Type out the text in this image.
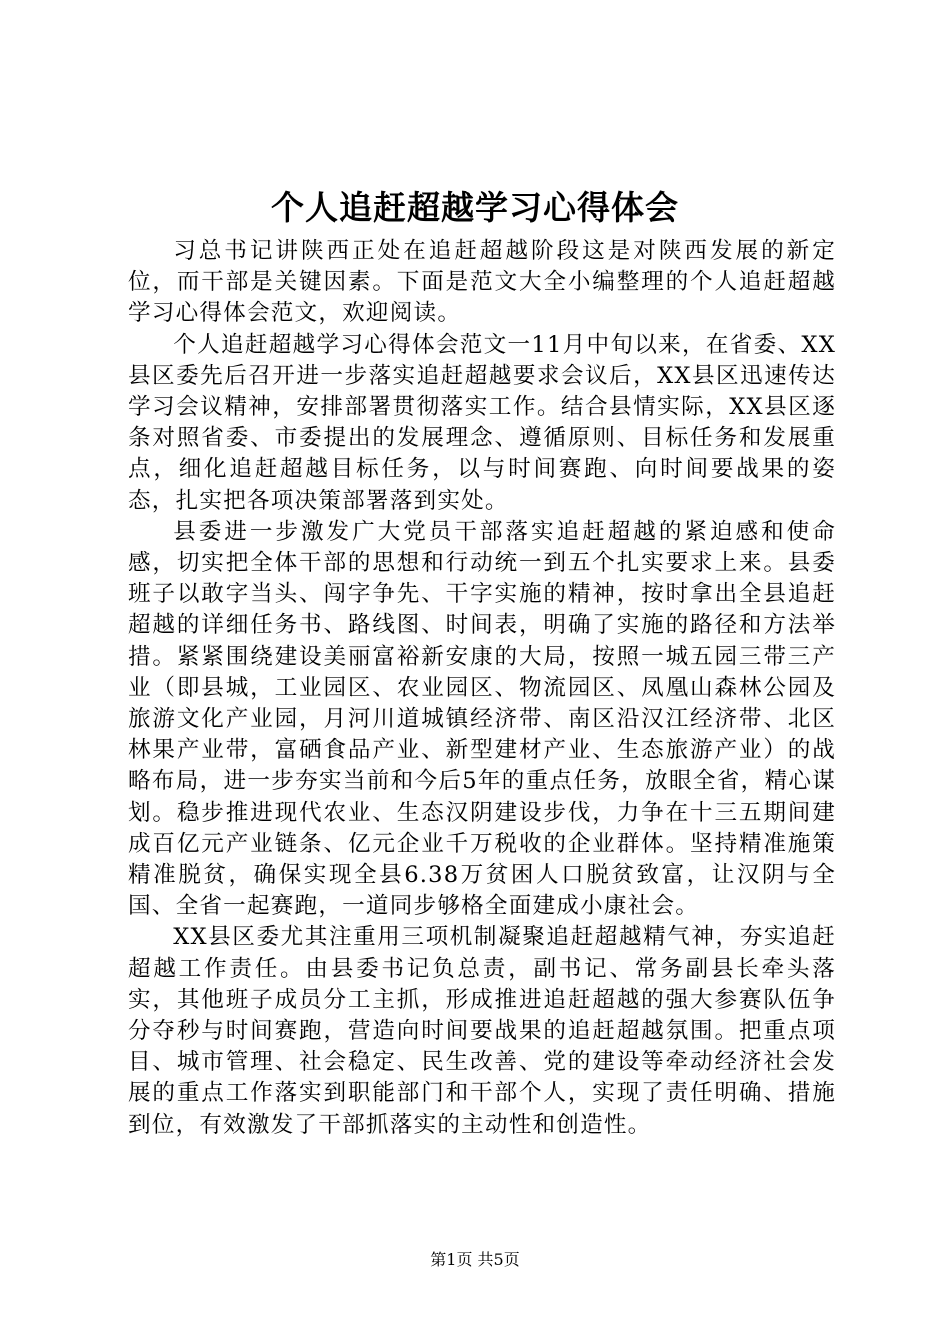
个人追赶超越学习心得体会

习总书记讲陕西正处在追赶超越阶段这是对陕西发展的新定位，而干部是关键因素。下面是范文大全小编整理的个人追赶超越学习心得体会范文，欢迎阅读。

个人追赶超越学习心得体会范文一11月中旬以来，在省委、XX县区委先后召开进一步落实追赶超越要求会议后，XX县区迅速传达学习会议精神，安排部署贯彻落实工作。结合县情实际，XX县区逐条对照省委、市委提出的发展理念、遵循原则、目标任务和发展重点，细化追赶超越目标任务，以与时间赛跑、向时间要战果的姿态，扎实把各项决策部署落到实处。

县委进一步激发广大党员干部落实追赶超越的紧迫感和使命感，切实把全体干部的思想和行动统一到五个扎实要求上来。县委班子以敢字当头、闯字争先、干字实施的精神，按时拿出全县追赶超越的详细任务书、路线图、时间表，明确了实施的路径和方法举措。紧紧围绕建设美丽富裕新安康的大局，按照一城五园三带三产业（即县城，工业园区、农业园区、物流园区、凤凰山森林公园及旅游文化产业园，月河川道城镇经济带、南区沿汉江经济带、北区林果产业带，富硒食品产业、新型建材产业、生态旅游产业）的战略布局，进一步夯实当前和今后5年的重点任务，放眼全省，精心谋划。稳步推进现代农业、生态汉阴建设步伐，力争在十三五期间建成百亿元产业链条、亿元企业千万税收的企业群体。坚持精准施策精准脱贫，确保实现全县6.38万贫困人口脱贫致富，让汉阴与全国、全省一起赛跑，一道同步够格全面建成小康社会。

XX县区委尤其注重用三项机制凝聚追赶超越精气神，夯实追赶超越工作责任。由县委书记负总责，副书记、常务副县长牵头落实，其他班子成员分工主抓，形成推进追赶超越的强大参赛队伍争分夺秒与时间赛跑，营造向时间要战果的追赶超越氛围。把重点项目、城市管理、社会稳定、民生改善、党的建设等牵动经济社会发展的重点工作落实到职能部门和干部个人，实现了责任明确、措施到位，有效激发了干部抓落实的主动性和创造性。

第1页 共5页
